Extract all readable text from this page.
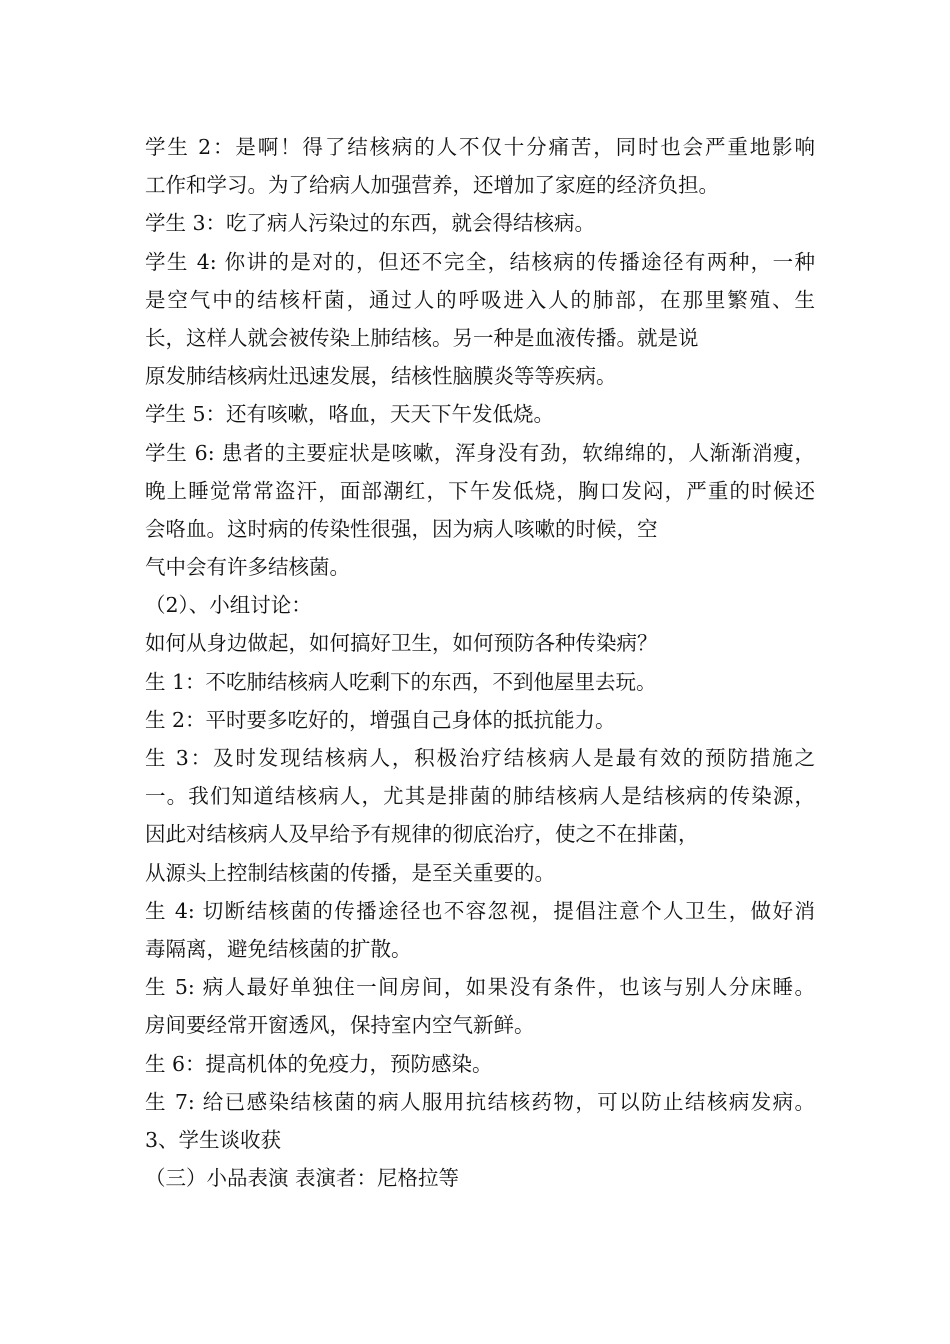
学生 2：是啊！得了结核病的人不仅十分痛苦，同时也会严重地影响
工作和学习。为了给病人加强营养，还增加了家庭的经济负担。
学生 3：吃了病人污染过的东西，就会得结核病。
学生 4: 你讲的是对的，但还不完全，结核病的传播途径有两种，一种
是空气中的结核杆菌，通过人的呼吸进入人的肺部，在那里繁殖、生
长，这样人就会被传染上肺结核。另一种是血液传播。就是说
原发肺结核病灶迅速发展，结核性脑膜炎等等疾病。
学生 5：还有咳嗽，咯血，天天下午发低烧。
学生 6: 患者的主要症状是咳嗽，浑身没有劲，软绵绵的，人渐渐消瘦，
晚上睡觉常常盗汗，面部潮红，下午发低烧，胸口发闷，严重的时候还
会咯血。这时病的传染性很强，因为病人咳嗽的时候，空
气中会有许多结核菌。
（2）、小组讨论：
如何从身边做起，如何搞好卫生，如何预防各种传染病？
生 1：不吃肺结核病人吃剩下的东西，不到他屋里去玩。
生 2：平时要多吃好的，增强自己身体的抵抗能力。
生 3：及时发现结核病人，积极治疗结核病人是最有效的预防措施之
一。我们知道结核病人，尤其是排菌的肺结核病人是结核病的传染源，
因此对结核病人及早给予有规律的彻底治疗，使之不在排菌，
从源头上控制结核菌的传播，是至关重要的。
生 4: 切断结核菌的传播途径也不容忽视，提倡注意个人卫生，做好消
毒隔离，避免结核菌的扩散。
生 5: 病人最好单独住一间房间，如果没有条件，也该与别人分床睡。
房间要经常开窗透风，保持室内空气新鲜。
生 6：提高机体的免疫力，预防感染。
生 7: 给已感染结核菌的病人服用抗结核药物，可以防止结核病发病。
3、学生谈收获
（三）小品表演 表演者：尼格拉等
